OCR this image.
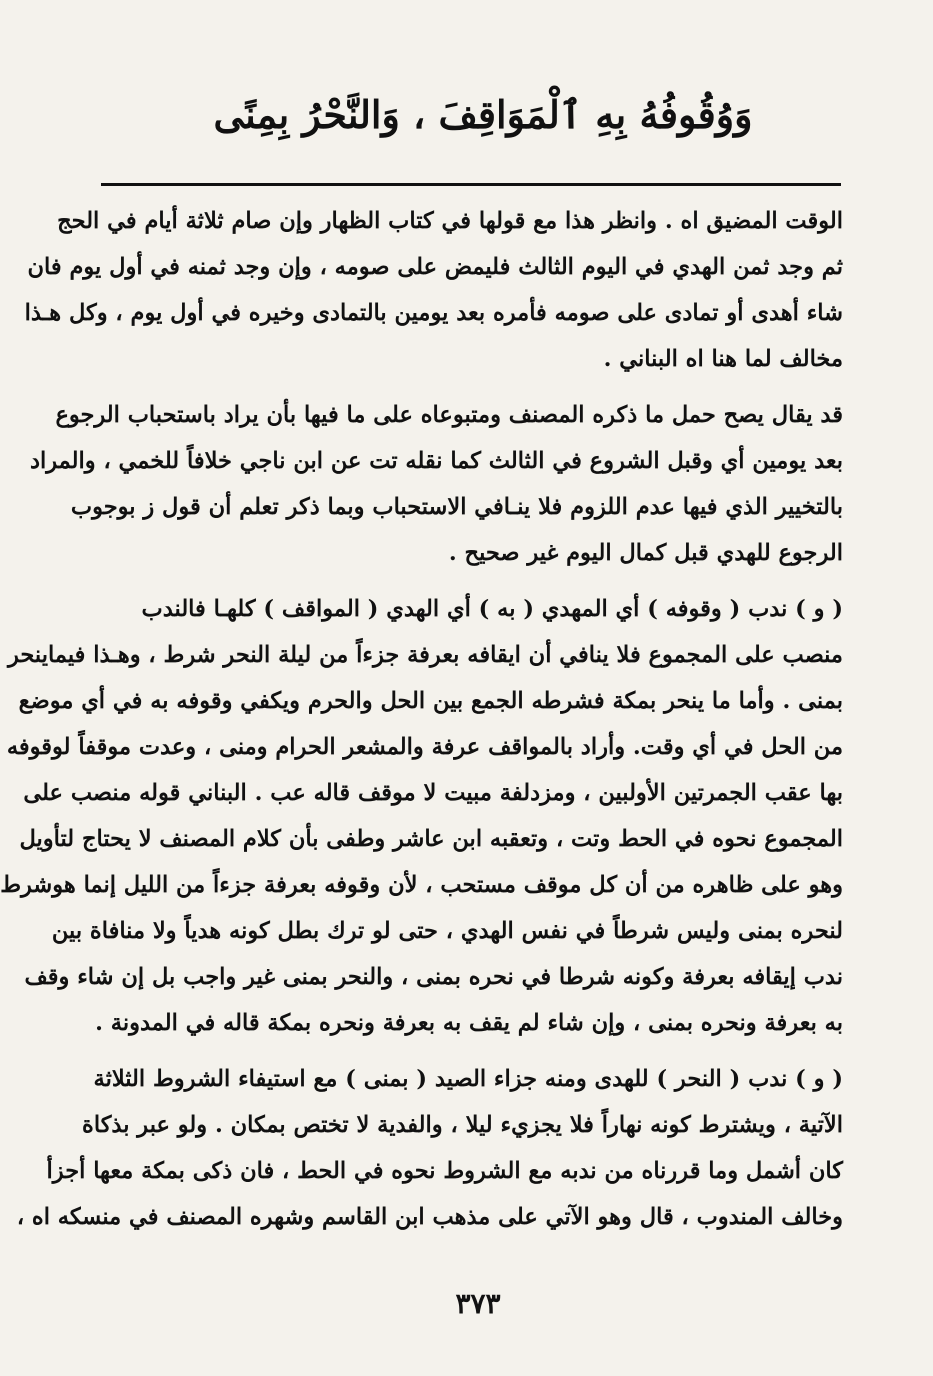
وَوُقُوفُهُ بِهِ ٱلْمَوَاقِفَ ، وَالنَّحْرُ بِمِنًى
الوقت المضيق اه . وانظر هذا مع قولها في كتاب الظهار وإن صام ثلاثة أيام في الحج
ثم وجد ثمن الهدي في اليوم الثالث فليمض على صومه ، وإن وجد ثمنه في أول يوم فان
شاء أهدى أو تمادى على صومه فأمره بعد يومين بالتمادى وخيره في أول يوم ، وكل هـذا
مخالف لما هنا اه البناني .
قد يقال يصح حمل ما ذكره المصنف ومتبوعاه على ما فيها بأن يراد باستحباب الرجوع
بعد يومين أي وقبل الشروع في الثالث كما نقله تت عن ابن ناجي خلافاً للخمي ، والمراد
بالتخيير الذي فيها عدم اللزوم فلا ينـافي الاستحباب وبما ذكر تعلم أن قول ز بوجوب
الرجوع للهدي قبل كمال اليوم غير صحيح .
( و ) ندب ( وقوفه ) أي المهدي ( به ) أي الهدي ( المواقف ) كلهـا فالندب
منصب على المجموع فلا ينافي أن ايقافه بعرفة جزءاً من ليلة النحر شرط ، وهـذا فيماينحر
بمنى . وأما ما ينحر بمكة فشرطه الجمع بين الحل والحرم ويكفي وقوفه به في أي موضع
من الحل في أي وقت. وأراد بالمواقف عرفة والمشعر الحرام ومنى ، وعدت موقفاً لوقوفه
بها عقب الجمرتين الأولبين ، ومزدلفة مبيت لا موقف قاله عب . البناني قوله منصب على
المجموع نحوه في الحط وتت ، وتعقبه ابن عاشر وطفى بأن كلام المصنف لا يحتاج لتأويل
وهو على ظاهره من أن كل موقف مستحب ، لأن وقوفه بعرفة جزءاً من الليل إنما هوشرط
لنحره بمنى وليس شرطاً في نفس الهدي ، حتى لو ترك بطل كونه هدياً ولا منافاة بين
ندب إيقافه بعرفة وكونه شرطا في نحره بمنى ، والنحر بمنى غير واجب بل إن شاء وقف
به بعرفة ونحره بمنى ، وإن شاء لم يقف به بعرفة ونحره بمكة قاله في المدونة .
( و ) ندب ( النحر ) للهدى ومنه جزاء الصيد ( بمنى ) مع استيفاء الشروط الثلاثة
الآتية ، ويشترط كونه نهاراً فلا يجزيء ليلا ، والفدية لا تختص بمكان . ولو عبر بذكاة
كان أشمل وما قررناه من ندبه مع الشروط نحوه في الحط ، فان ذكى بمكة معها أجزأ
وخالف المندوب ، قال وهو الآتي على مذهب ابن القاسم وشهره المصنف في منسكه اه ،
٣٧٣
